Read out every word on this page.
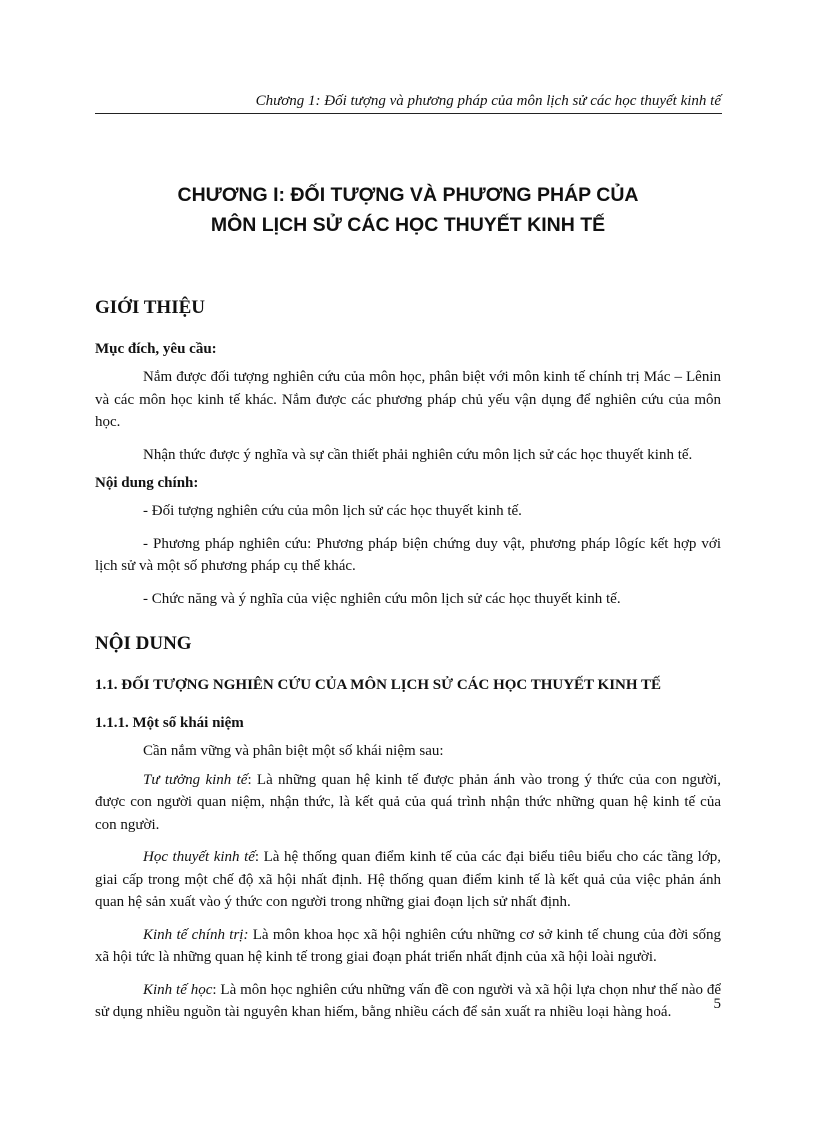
Chương 1: Đối tượng và phương pháp của môn lịch sử các học thuyết kinh tế
CHƯƠNG I: ĐỐI TƯỢNG VÀ PHƯƠNG PHÁP CỦA
MÔN LỊCH SỬ CÁC HỌC THUYẾT KINH TẾ
GIỚI THIỆU

Mục đích, yêu cầu:

Nắm được đối tượng nghiên cứu của môn học, phân biệt với môn kinh tế chính trị Mác – Lênin và các môn học kinh tế khác. Nắm được các phương pháp chủ yếu vận dụng để nghiên cứu của môn học.

Nhận thức được ý nghĩa và sự cần thiết phải nghiên cứu môn lịch sử các học thuyết kinh tế.

Nội dung chính:

- Đối tượng nghiên cứu của môn lịch sử các học thuyết kinh tế.

- Phương pháp nghiên cứu: Phương pháp biện chứng duy vật, phương pháp lôgíc kết hợp với lịch sử và một số phương pháp cụ thể khác.

- Chức năng và ý nghĩa của việc nghiên cứu môn lịch sử các học thuyết kinh tế.

NỘI DUNG
1.1. ĐỐI TƯỢNG NGHIÊN CỨU CỦA MÔN LỊCH SỬ CÁC HỌC THUYẾT KINH TẾ
1.1.1. Một số khái niệm

Cần nắm vững và phân biệt một số khái niệm sau:

Tư tưởng kinh tế: Là những quan hệ kinh tế được phản ánh vào trong ý thức của con người, được con người quan niệm, nhận thức, là kết quả của quá trình nhận thức những quan hệ kinh tế của con người.

Học thuyết kinh tế: Là hệ thống quan điểm kinh tế của các đại biểu tiêu biểu cho các tầng lớp, giai cấp trong một chế độ xã hội nhất định. Hệ thống quan điểm kinh tế là kết quả của việc phản ánh quan hệ sản xuất vào ý thức con người trong những giai đoạn lịch sử nhất định.

Kinh tế chính trị: Là môn khoa học xã hội nghiên cứu những cơ sở kinh tế chung của đời sống xã hội tức là những quan hệ kinh tế trong giai đoạn phát triển nhất định của xã hội loài người.

Kinh tế học: Là môn học nghiên cứu những vấn đề con người và xã hội lựa chọn như thế nào để sử dụng nhiều nguồn tài nguyên khan hiếm, bằng nhiều cách để sản xuất ra nhiều loại hàng hoá.	5
